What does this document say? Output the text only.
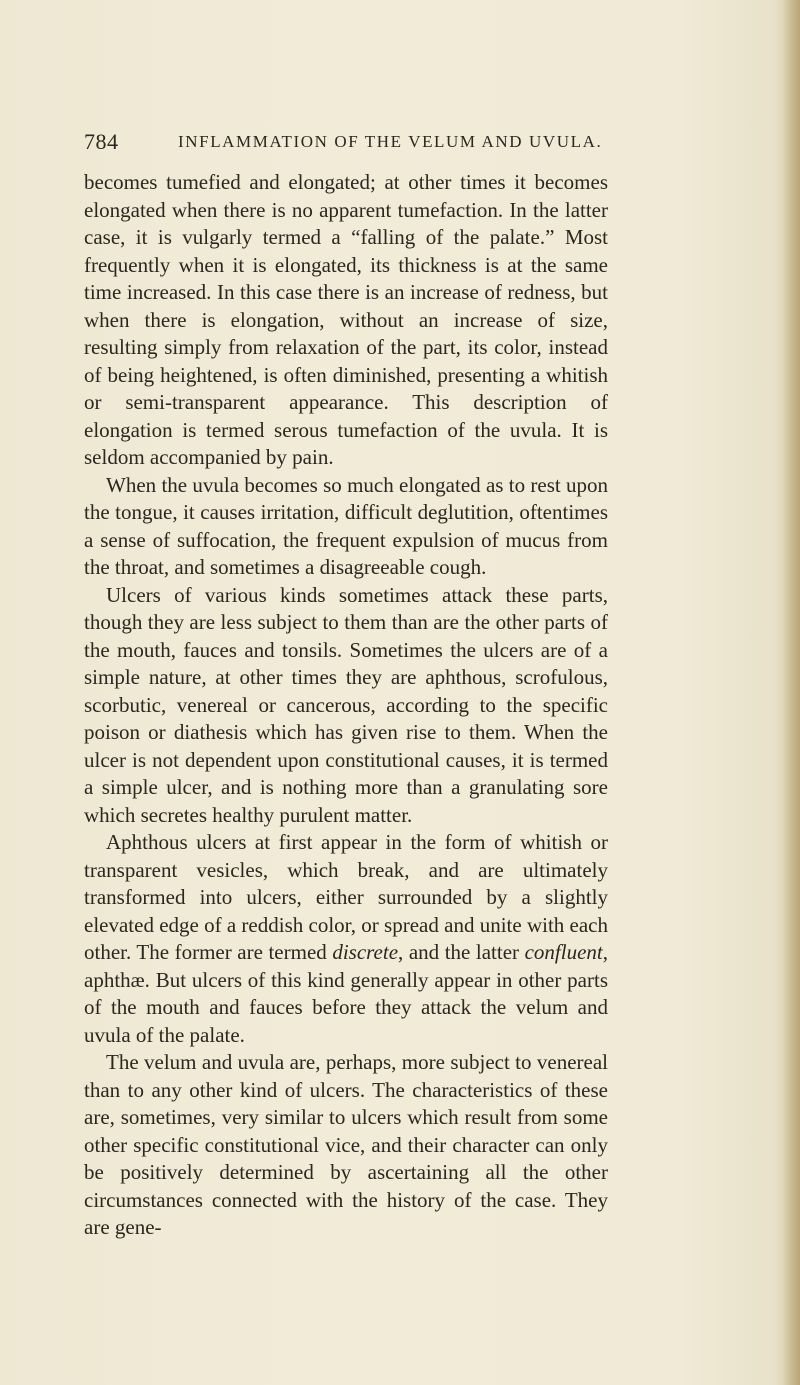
784	INFLAMMATION OF THE VELUM AND UVULA.

becomes tumefied and elongated; at other times it becomes elongated when there is no apparent tumefaction. In the latter case, it is vulgarly termed a “falling of the palate.” Most frequently when it is elongated, its thickness is at the same time increased. In this case there is an increase of redness, but when there is elongation, without an increase of size, resulting simply from relaxation of the part, its color, instead of being heightened, is often diminished, presenting a whitish or semi-transparent appearance. This description of elongation is termed serous tumefaction of the uvula. It is seldom accompanied by pain.

When the uvula becomes so much elongated as to rest upon the tongue, it causes irritation, difficult deglutition, oftentimes a sense of suffocation, the frequent expulsion of mucus from the throat, and sometimes a disagreeable cough.

Ulcers of various kinds sometimes attack these parts, though they are less subject to them than are the other parts of the mouth, fauces and tonsils. Sometimes the ulcers are of a simple nature, at other times they are aphthous, scrofulous, scorbutic, venereal or cancerous, according to the specific poison or diathesis which has given rise to them. When the ulcer is not dependent upon constitutional causes, it is termed a simple ulcer, and is nothing more than a granulating sore which secretes healthy purulent matter.

Aphthous ulcers at first appear in the form of whitish or transparent vesicles, which break, and are ultimately transformed into ulcers, either surrounded by a slightly elevated edge of a reddish color, or spread and unite with each other. The former are termed discrete, and the latter confluent, aphthæ. But ulcers of this kind generally appear in other parts of the mouth and fauces before they attack the velum and uvula of the palate.

The velum and uvula are, perhaps, more subject to venereal than to any other kind of ulcers. The characteristics of these are, sometimes, very similar to ulcers which result from some other specific constitutional vice, and their character can only be positively determined by ascertaining all the other circumstances connected with the history of the case. They are gene-
